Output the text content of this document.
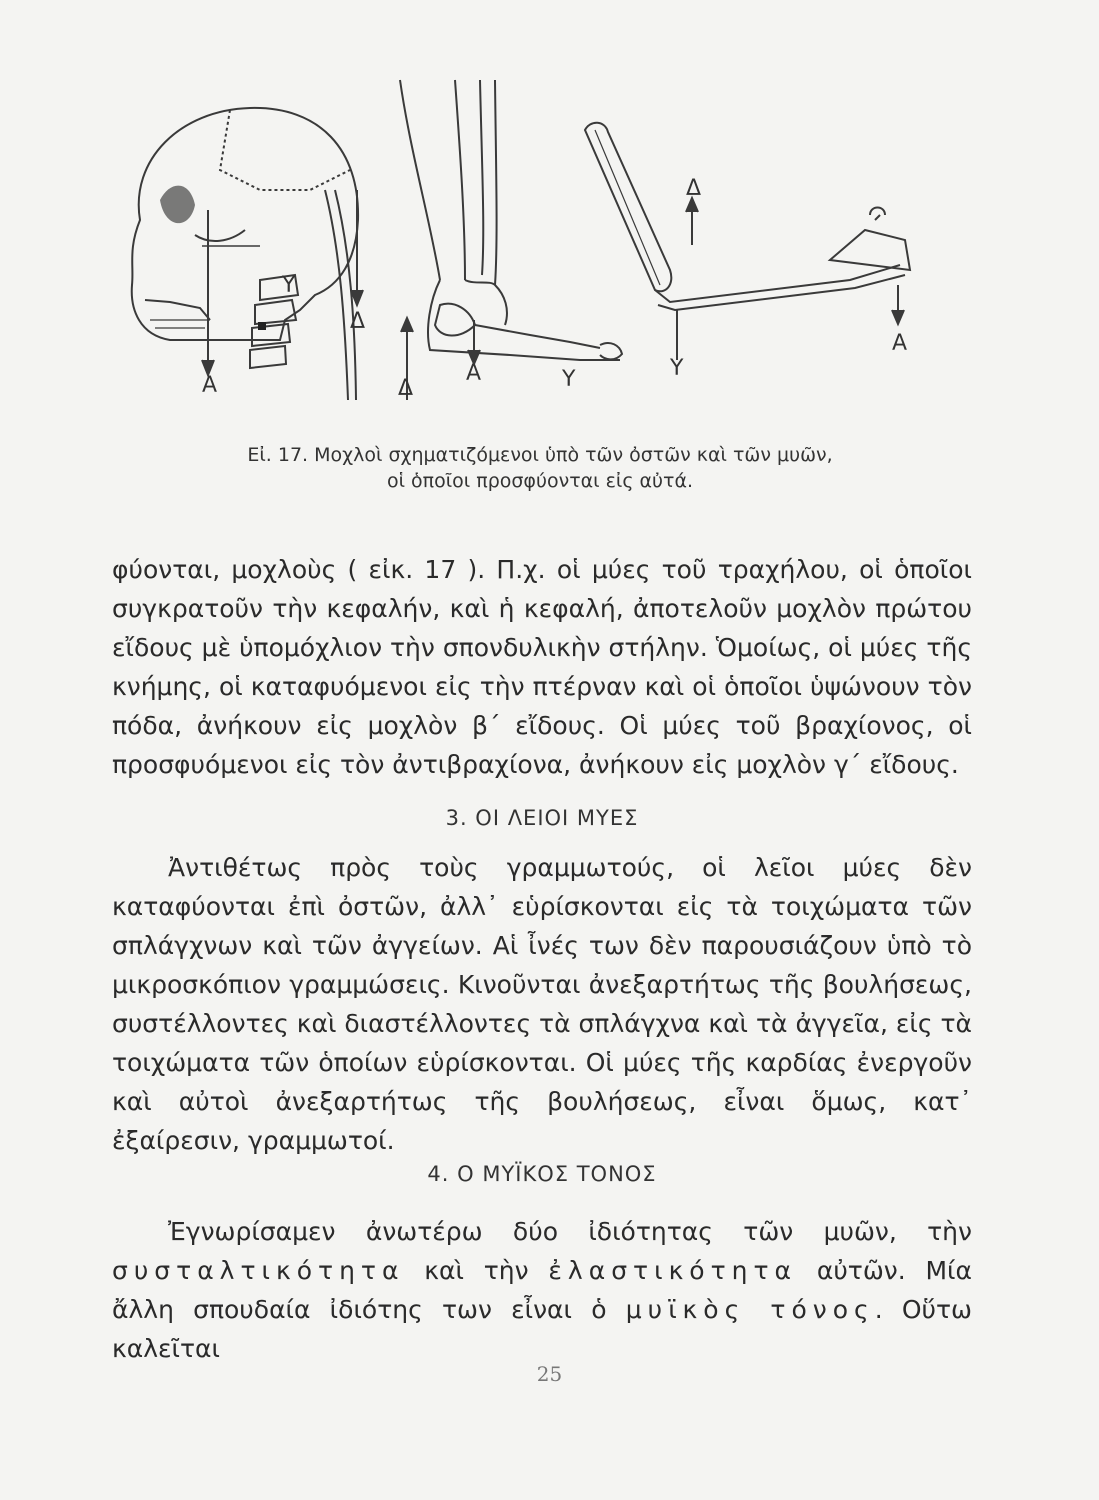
Α
Υ
Δ
Δ
Α	Υ
Δ
Υ
Α
Εἰ. 17. Μοχλοὶ σχηματιζόμενοι ὑπὸ τῶν ὀστῶν καὶ τῶν μυῶν,
οἱ ὁποῖοι προσφύονται εἰς αὐτά.

φύονται, μοχλοὺς ( εἰκ. 17 ). Π.χ. οἱ μύες τοῦ τραχήλου, οἱ ὁποῖοι συγκρατοῦν τὴν κεφαλήν, καὶ ἡ κεφαλή, ἀποτελοῦν μοχλὸν πρώτου εἴδους μὲ ὑπομόχλιον τὴν σπονδυλικὴν στήλην. Ὁμοίως, οἱ μύες τῆς κνήμης, οἱ καταφυόμενοι εἰς τὴν πτέρναν καὶ οἱ ὁποῖοι ὑψώνουν τὸν πόδα, ἀνήκουν εἰς μοχλὸν β΄ εἴδους. Οἱ μύες τοῦ βραχίονος, οἱ προσφυόμενοι εἰς τὸν ἀντιβραχίονα, ἀνήκουν εἰς μοχλὸν γ΄ εἴδους.

3. ΟΙ ΛΕΙΟΙ ΜΥΕΣ

Ἀντιθέτως πρὸς τοὺς γραμμωτούς, οἱ λεῖοι μύες δὲν καταφύονται ἐπὶ ὀστῶν, ἀλλ᾽ εὑρίσκονται εἰς τὰ τοιχώματα τῶν σπλάγχνων καὶ τῶν ἀγγείων. Αἱ ἶνές των δὲν παρουσιάζουν ὑπὸ τὸ μικροσκόπιον γραμμώσεις. Κινοῦνται ἀνεξαρτήτως τῆς βουλήσεως, συστέλλοντες καὶ διαστέλλοντες τὰ σπλάγχνα καὶ τὰ ἀγγεῖα, εἰς τὰ τοιχώματα τῶν ὁποίων εὑρίσκονται. Οἱ μύες τῆς καρδίας ἐνεργοῦν καὶ αὐτοὶ ἀνεξαρτήτως τῆς βουλήσεως, εἶναι ὅμως, κατ᾽ ἐξαίρεσιν, γραμμωτοί.

4. Ο ΜΥΪΚΟΣ ΤΟΝΟΣ

Ἐγνωρίσαμεν ἀνωτέρω δύο ἰδιότητας τῶν μυῶν, τὴν συσταλτικότητα καὶ τὴν ἐλαστικότητα αὐτῶν. Μία ἄλλη σπουδαία ἰδιότης των εἶναι ὁ μυϊκὸς τόνος. Οὕτω καλεῖται

25
